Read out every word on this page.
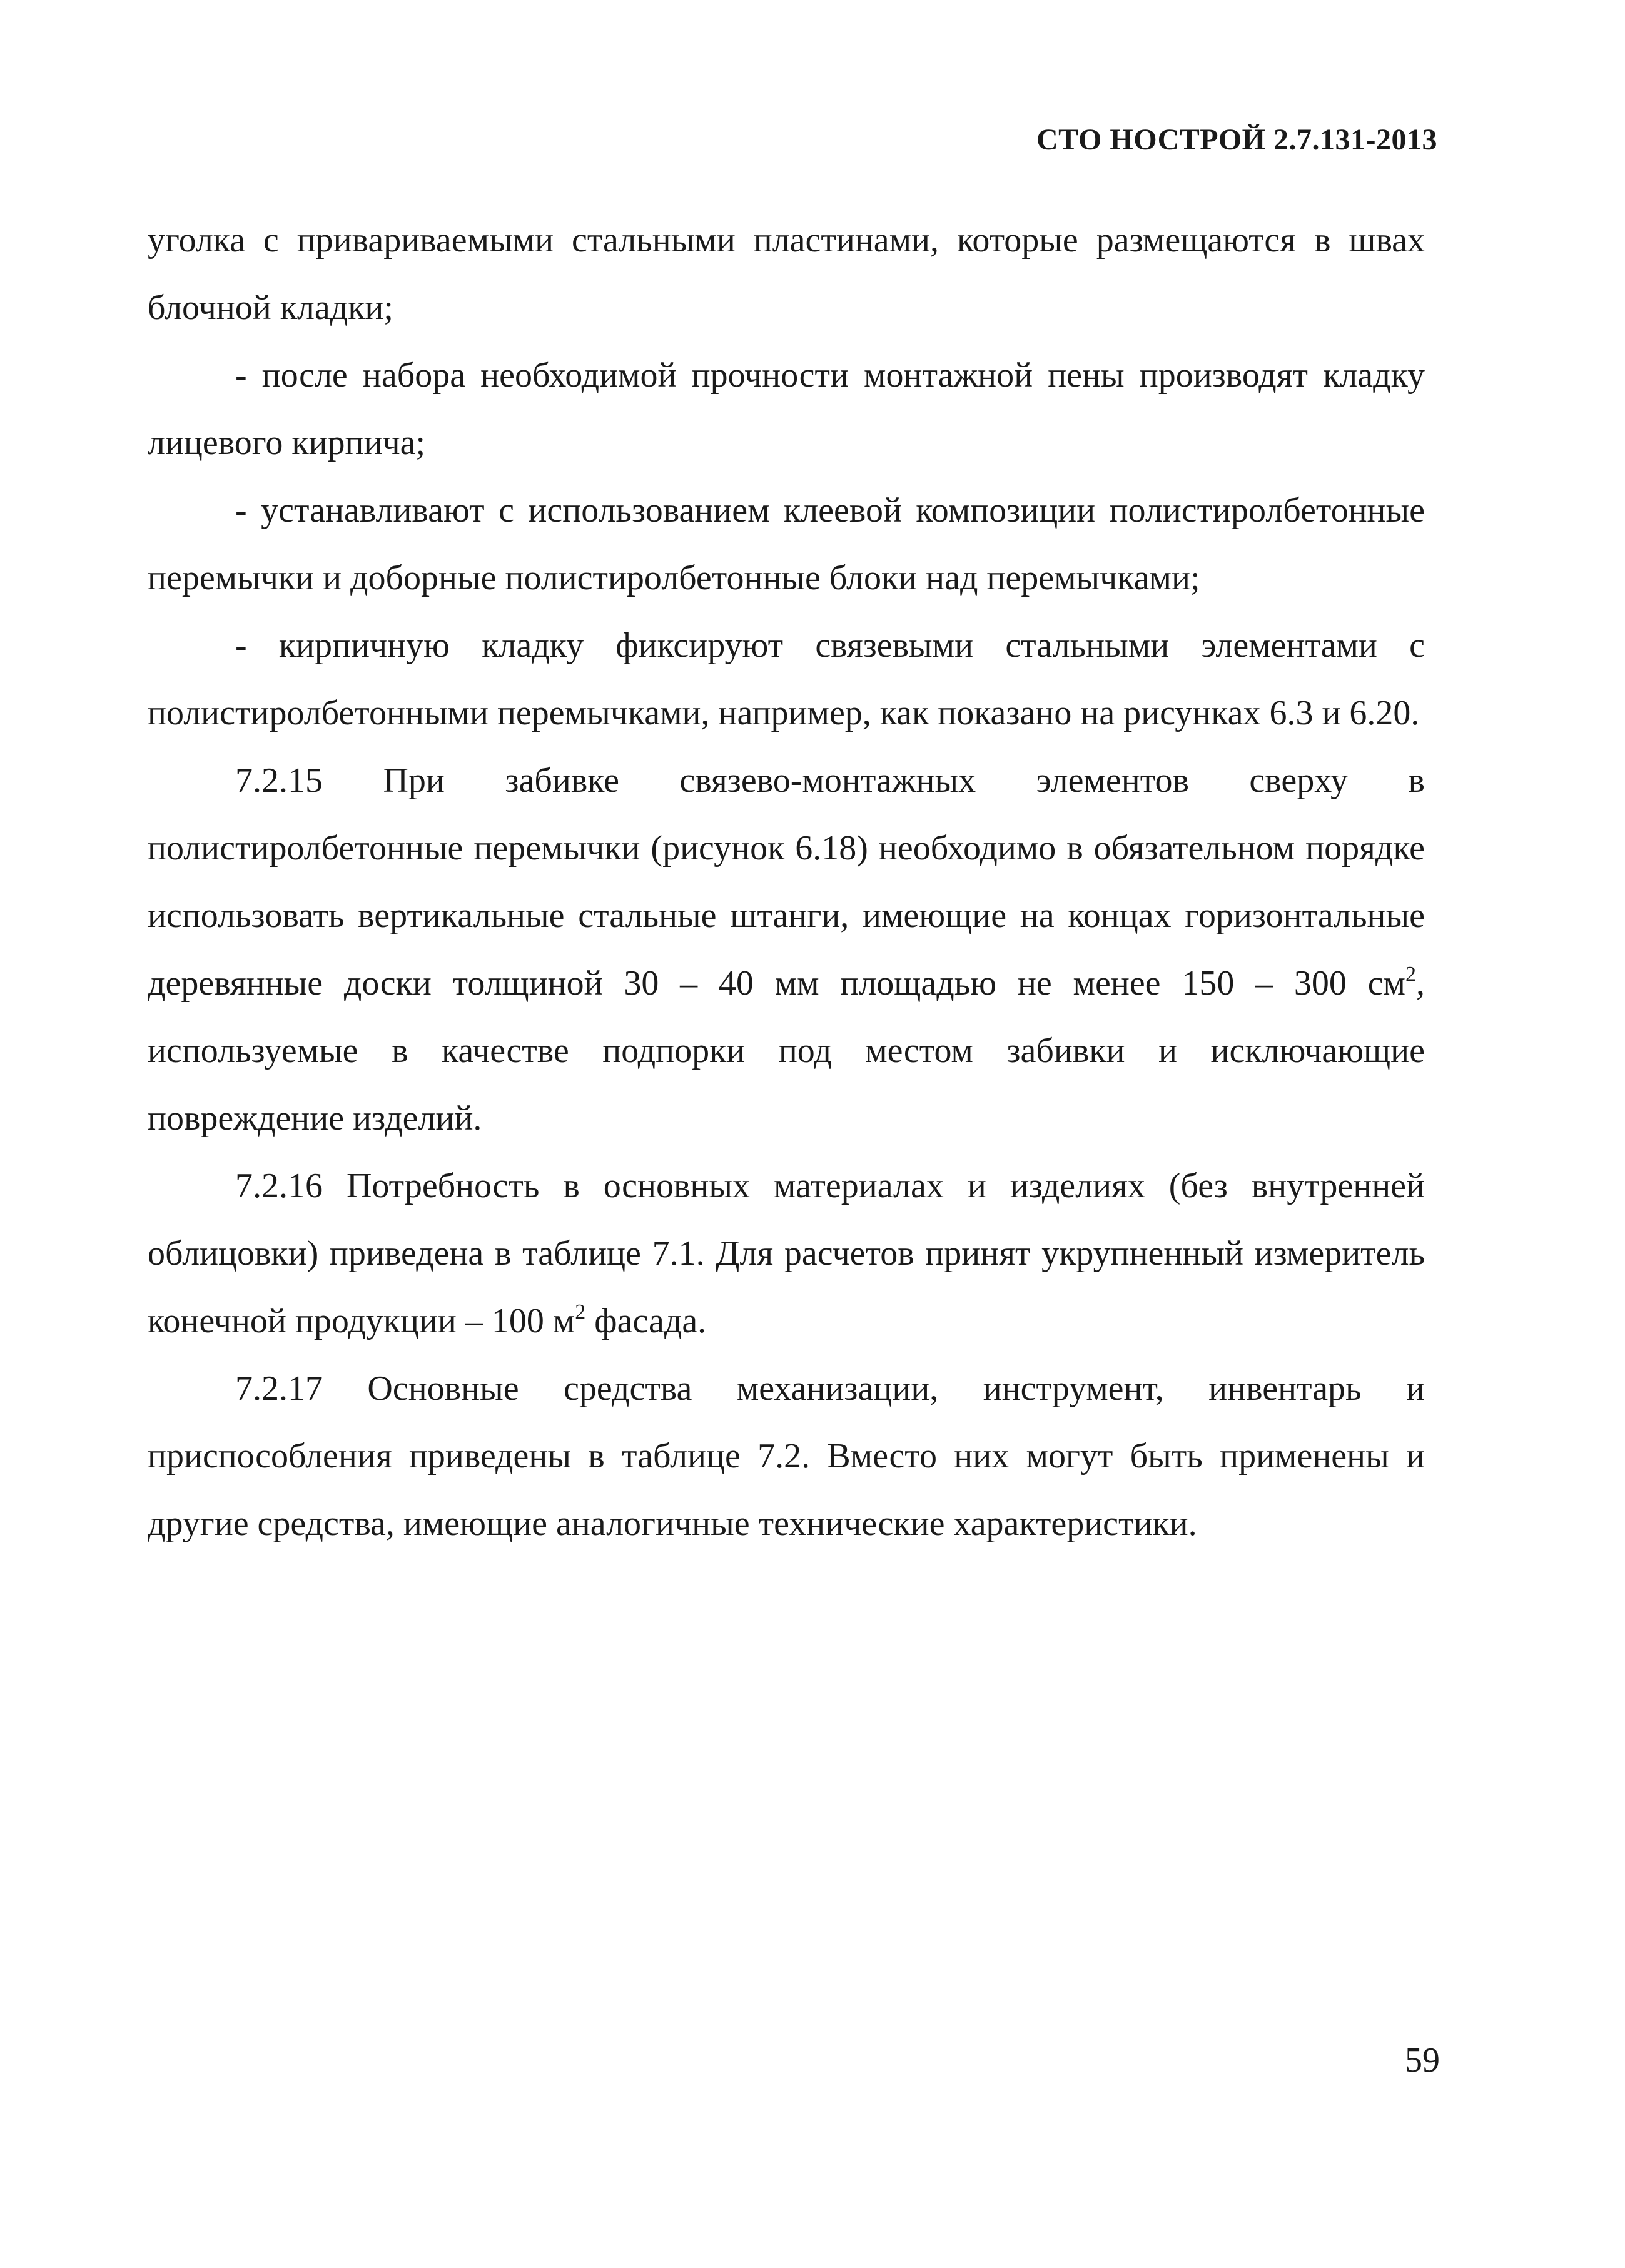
СТО НОСТРОЙ 2.7.131-2013

уголка с привариваемыми стальными пластинами, которые размещаются в швах блочной кладки;

- после набора необходимой прочности монтажной пены производят кладку лицевого кирпича;

- устанавливают с использованием клеевой композиции полистиролбетонные перемычки и доборные полистиролбетонные блоки над перемычками;

- кирпичную кладку фиксируют связевыми стальными элементами с полистиролбетонными перемычками, например, как показано на рисунках 6.3 и 6.20.

7.2.15 При забивке связево-монтажных элементов сверху в полистиролбетонные перемычки (рисунок 6.18) необходимо в обязательном порядке использовать вертикальные стальные штанги, имеющие на концах горизонтальные деревянные доски толщиной 30 – 40 мм площадью не менее 150 – 300 $см^2$, используемые в качестве подпорки под местом забивки и исключающие повреждение изделий.

7.2.16 Потребность в основных материалах и изделиях (без внутренней облицовки) приведена в таблице 7.1. Для расчетов принят укрупненный измеритель конечной продукции – 100 $м^2$ фасада.

7.2.17 Основные средства механизации, инструмент, инвентарь и приспособления приведены в таблице 7.2. Вместо них могут быть применены и другие средства, имеющие аналогичные технические характеристики.

59
